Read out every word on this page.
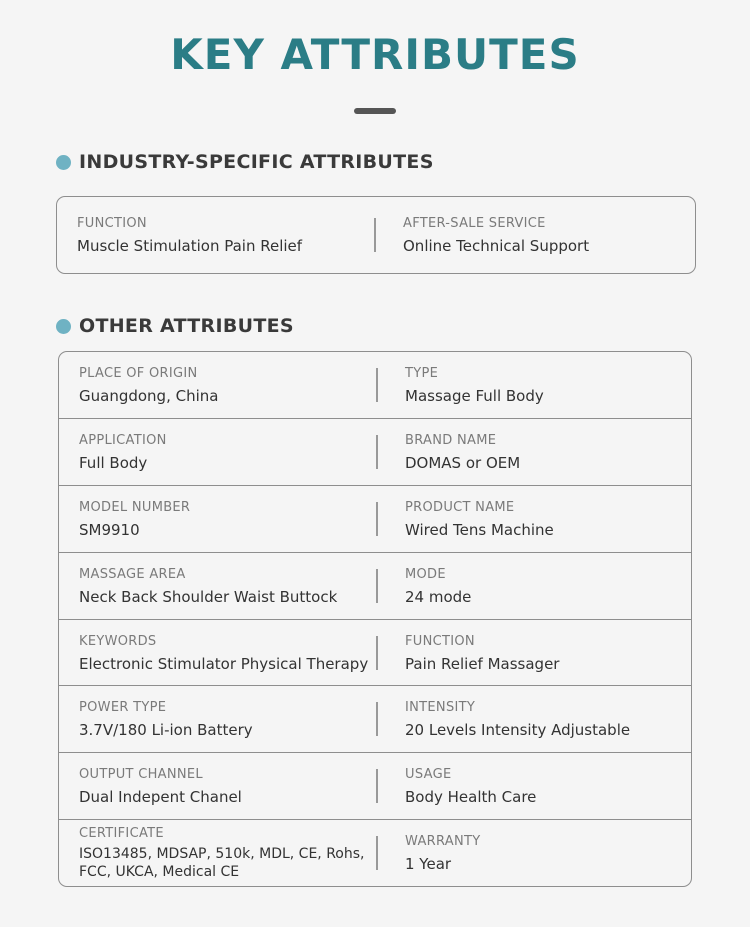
KEY ATTRIBUTES
INDUSTRY-SPECIFIC ATTRIBUTES
FUNCTION
Muscle Stimulation Pain Relief
AFTER-SALE SERVICE
Online Technical Support
OTHER ATTRIBUTES
PLACE OF ORIGIN
Guangdong, China
TYPE
Massage Full Body
APPLICATION
Full Body
BRAND NAME
DOMAS or OEM
MODEL NUMBER
SM9910
PRODUCT NAME
Wired Tens Machine
MASSAGE AREA
Neck Back Shoulder Waist Buttock
MODE
24 mode
KEYWORDS
Electronic Stimulator Physical Therapy
FUNCTION
Pain Relief Massager
POWER TYPE
3.7V/180 Li-ion Battery
INTENSITY
20 Levels Intensity Adjustable
OUTPUT CHANNEL
Dual Indepent Chanel
USAGE
Body Health Care
CERTIFICATE
ISO13485, MDSAP, 510k, MDL, CE, Rohs, FCC, UKCA, Medical CE
WARRANTY
1 Year
